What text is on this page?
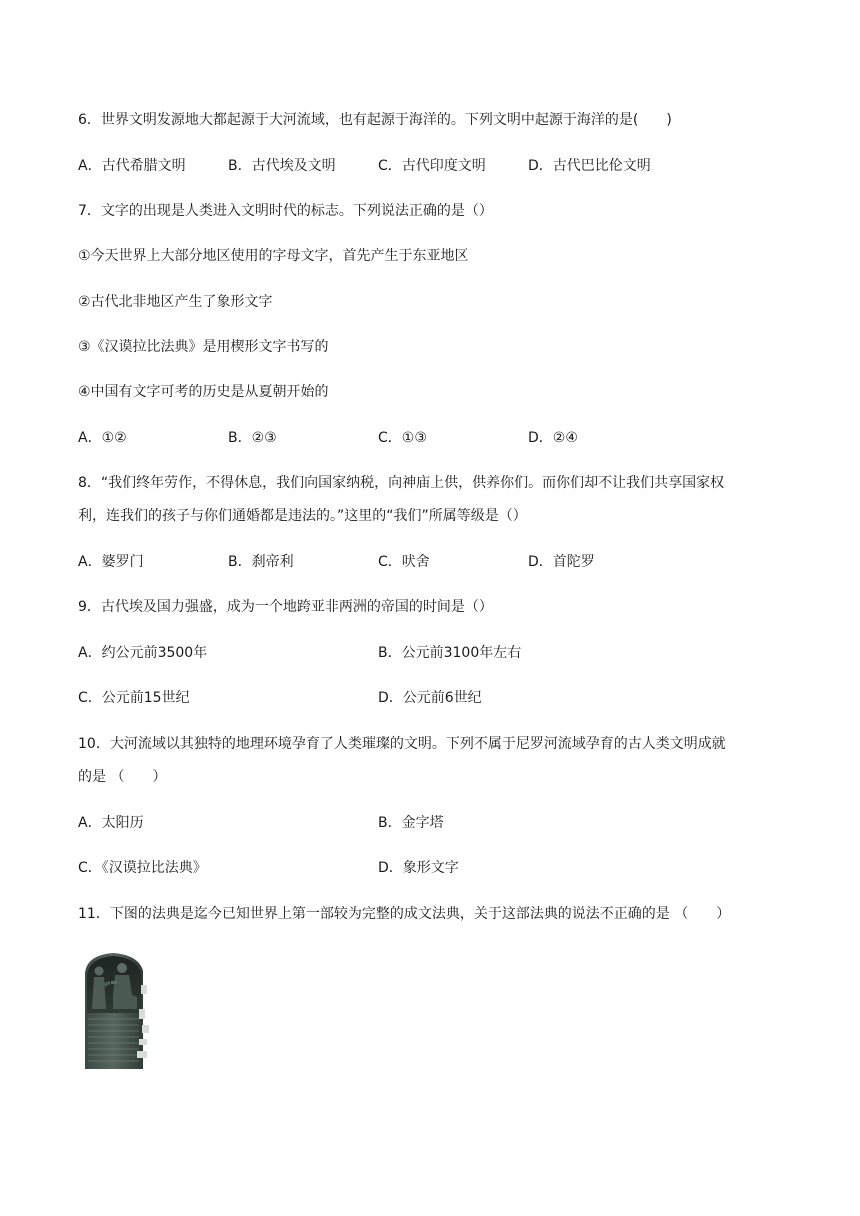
6．世界文明发源地大都起源于大河流域，也有起源于海洋的。下列文明中起源于海洋的是(　　)
A．古代希腊文明	B．古代埃及文明	C．古代印度文明	D．古代巴比伦文明
7．文字的出现是人类进入文明时代的标志。下列说法正确的是（）
①今天世界上大部分地区使用的字母文字，首先产生于东亚地区
②古代北非地区产生了象形文字
③《汉谟拉比法典》是用楔形文字书写的
④中国有文字可考的历史是从夏朝开始的
A．①②	B．②③	C．①③	D．②④
8．“我们终年劳作，不得休息，我们向国家纳税，向神庙上供，供养你们。而你们却不让我们共享国家权
利，连我们的孩子与你们通婚都是违法的。”这里的“我们”所属等级是（）
A．婆罗门	B．刹帝利	C．吠舍	D．首陀罗
9．古代埃及国力强盛，成为一个地跨亚非两洲的帝国的时间是（）
A．约公元前3500年	B．公元前3100年左右
C．公元前15世纪	D．公元前6世纪
10．大河流域以其独特的地理环境孕育了人类璀璨的文明。下列不属于尼罗河流域孕育的古人类文明成就
的是 （　　）
A．太阳历	B．金字塔
C．《汉谟拉比法典》	D．象形文字
11．下图的法典是迄今已知世界上第一部较为完整的成文法典，关于这部法典的说法不正确的是 （　　）
